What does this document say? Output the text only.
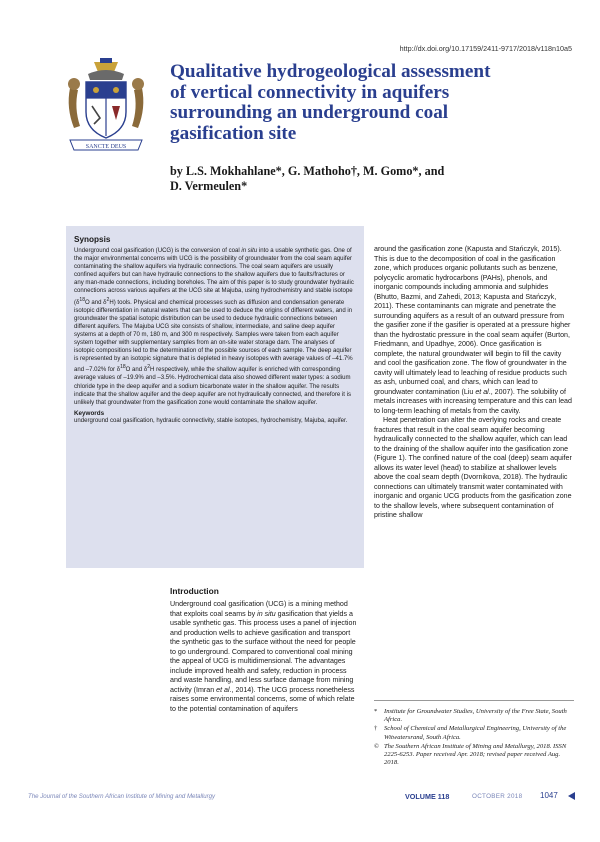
http://dx.doi.org/10.17159/2411-9717/2018/v118n10a5
SANCTE DEUS
Qualitative hydrogeological assessment
of vertical connectivity in aquifers
surrounding an underground coal
gasification site
by L.S. Mokhahlane*, G. Mathoho†, M. Gomo*, and
D. Vermeulen*
Synopsis

Underground coal gasification (UCG) is the conversion of coal in situ into a usable synthetic gas. One of the major environmental concerns with UCG is the possibility of groundwater from the coal seam aquifer contaminating the shallow aquifers via hydraulic connections. The coal seam aquifers are usually confined aquifers but can have hydraulic connections to the shallow aquifers due to faults/fractures or any man-made connections, including boreholes. The aim of this paper is to study groundwater hydraulic connections across various aquifers at the UCG site at Majuba, using hydrochemistry and stable isotope ($\delta^{18}O$ and $\delta^2H$) tools. Physical and chemical processes such as diffusion and condensation generate isotopic differentiation in natural waters that can be used to deduce the origins of different waters, and in groundwater the spatial isotopic distribution can be used to deduce hydraulic connections between different aquifers. The Majuba UCG site consists of shallow, intermediate, and saline deep aquifer systems at a depth of 70 m, 180 m, and 300 m respectively. Samples were taken from each aquifer system together with supplementary samples from an on-site water storage dam. The analyses of isotopic compositions led to the determination of the possible sources of each sample. The deep aquifer is represented by an isotopic signature that is depleted in heavy isotopes with average values of –41.7% and –7.02% for $\delta^{18}O$ and $\delta^2H$ respectively, while the shallow aquifer is enriched with corresponding average values of –19.9% and –3.5%. Hydrochemical data also showed different water types: a sodium chloride type in the deep aquifer and a sodium bicarbonate water in the shallow aquifer. The results indicate that the shallow aquifer and the deep aquifer are not hydraulically connected, and therefore it is unlikely that groundwater from the gasification zone would contaminate the shallow aquifer.

Keywords

underground coal gasification, hydraulic connectivity, stable isotopes, hydrochemistry, Majuba, aquifer.

Introduction

Underground coal gasification (UCG) is a mining method that exploits coal seams by in situ gasification that yields a usable synthetic gas. This process uses a panel of injection and production wells to achieve gasification and transport the synthetic gas to the surface without the need for people to go underground. Compared to conventional coal mining the appeal of UCG is multidimensional. The advantages include improved health and safety, reduction in process and waste handling, and less surface damage from mining activity (Imran et al., 2014). The UCG process nonetheless raises some environmental concerns, some of which relate to the potential contamination of aquifers

around the gasification zone (Kapusta and Stańczyk, 2015). This is due to the decomposition of coal in the gasification zone, which produces organic pollutants such as benzene, polycyclic aromatic hydrocarbons (PAHs), phenols, and inorganic compounds including ammonia and sulphides (Bhutto, Bazmi, and Zahedi, 2013; Kapusta and Stańczyk, 2011). These contaminants can migrate and penetrate the surrounding aquifers as a result of an outward pressure from the gasifier zone if the gasifier is operated at a pressure higher than the hydrostatic pressure in the coal seam aquifer (Burton, Friedmann, and Upadhye, 2006). Once gasification is complete, the natural groundwater will begin to fill the cavity and cool the gasification zone. The flow of groundwater in the cavity will ultimately lead to leaching of residue products such as ash, unburned coal, and chars, which can lead to groundwater contamination (Liu et al., 2007). The solubility of metals increases with increasing temperature and this can lead to long-term leaching of metals from the cavity.

Heat penetration can alter the overlying rocks and create fractures that result in the coal seam aquifer becoming hydraulically connected to the shallow aquifer, which can lead to the draining of the shallow aquifer into the gasification zone (Figure 1). The confined nature of the coal (deep) seam aquifer allows its water level (head) to stabilize at shallower levels above the coal seam depth (Dvornikova, 2018). The hydraulic connections can ultimately transmit water contaminated with inorganic and organic UCG products from the gasification zone to the shallow levels, where subsequent contamination of pristine shallow

*	Institute for Groundwater Studies, University of the Free State, South Africa.
†	School of Chemical and Metallurgical Engineering, University of the Witwatersrand, South Africa.
© The Southern African Institute of Mining and Metallurgy, 2018. ISSN 2225-6253. Paper received Apr. 2018; revised paper received Aug. 2018.
The Journal of the Southern African Institute of Mining and Metallurgy	VOLUME 118	OCTOBER 2018 1047
